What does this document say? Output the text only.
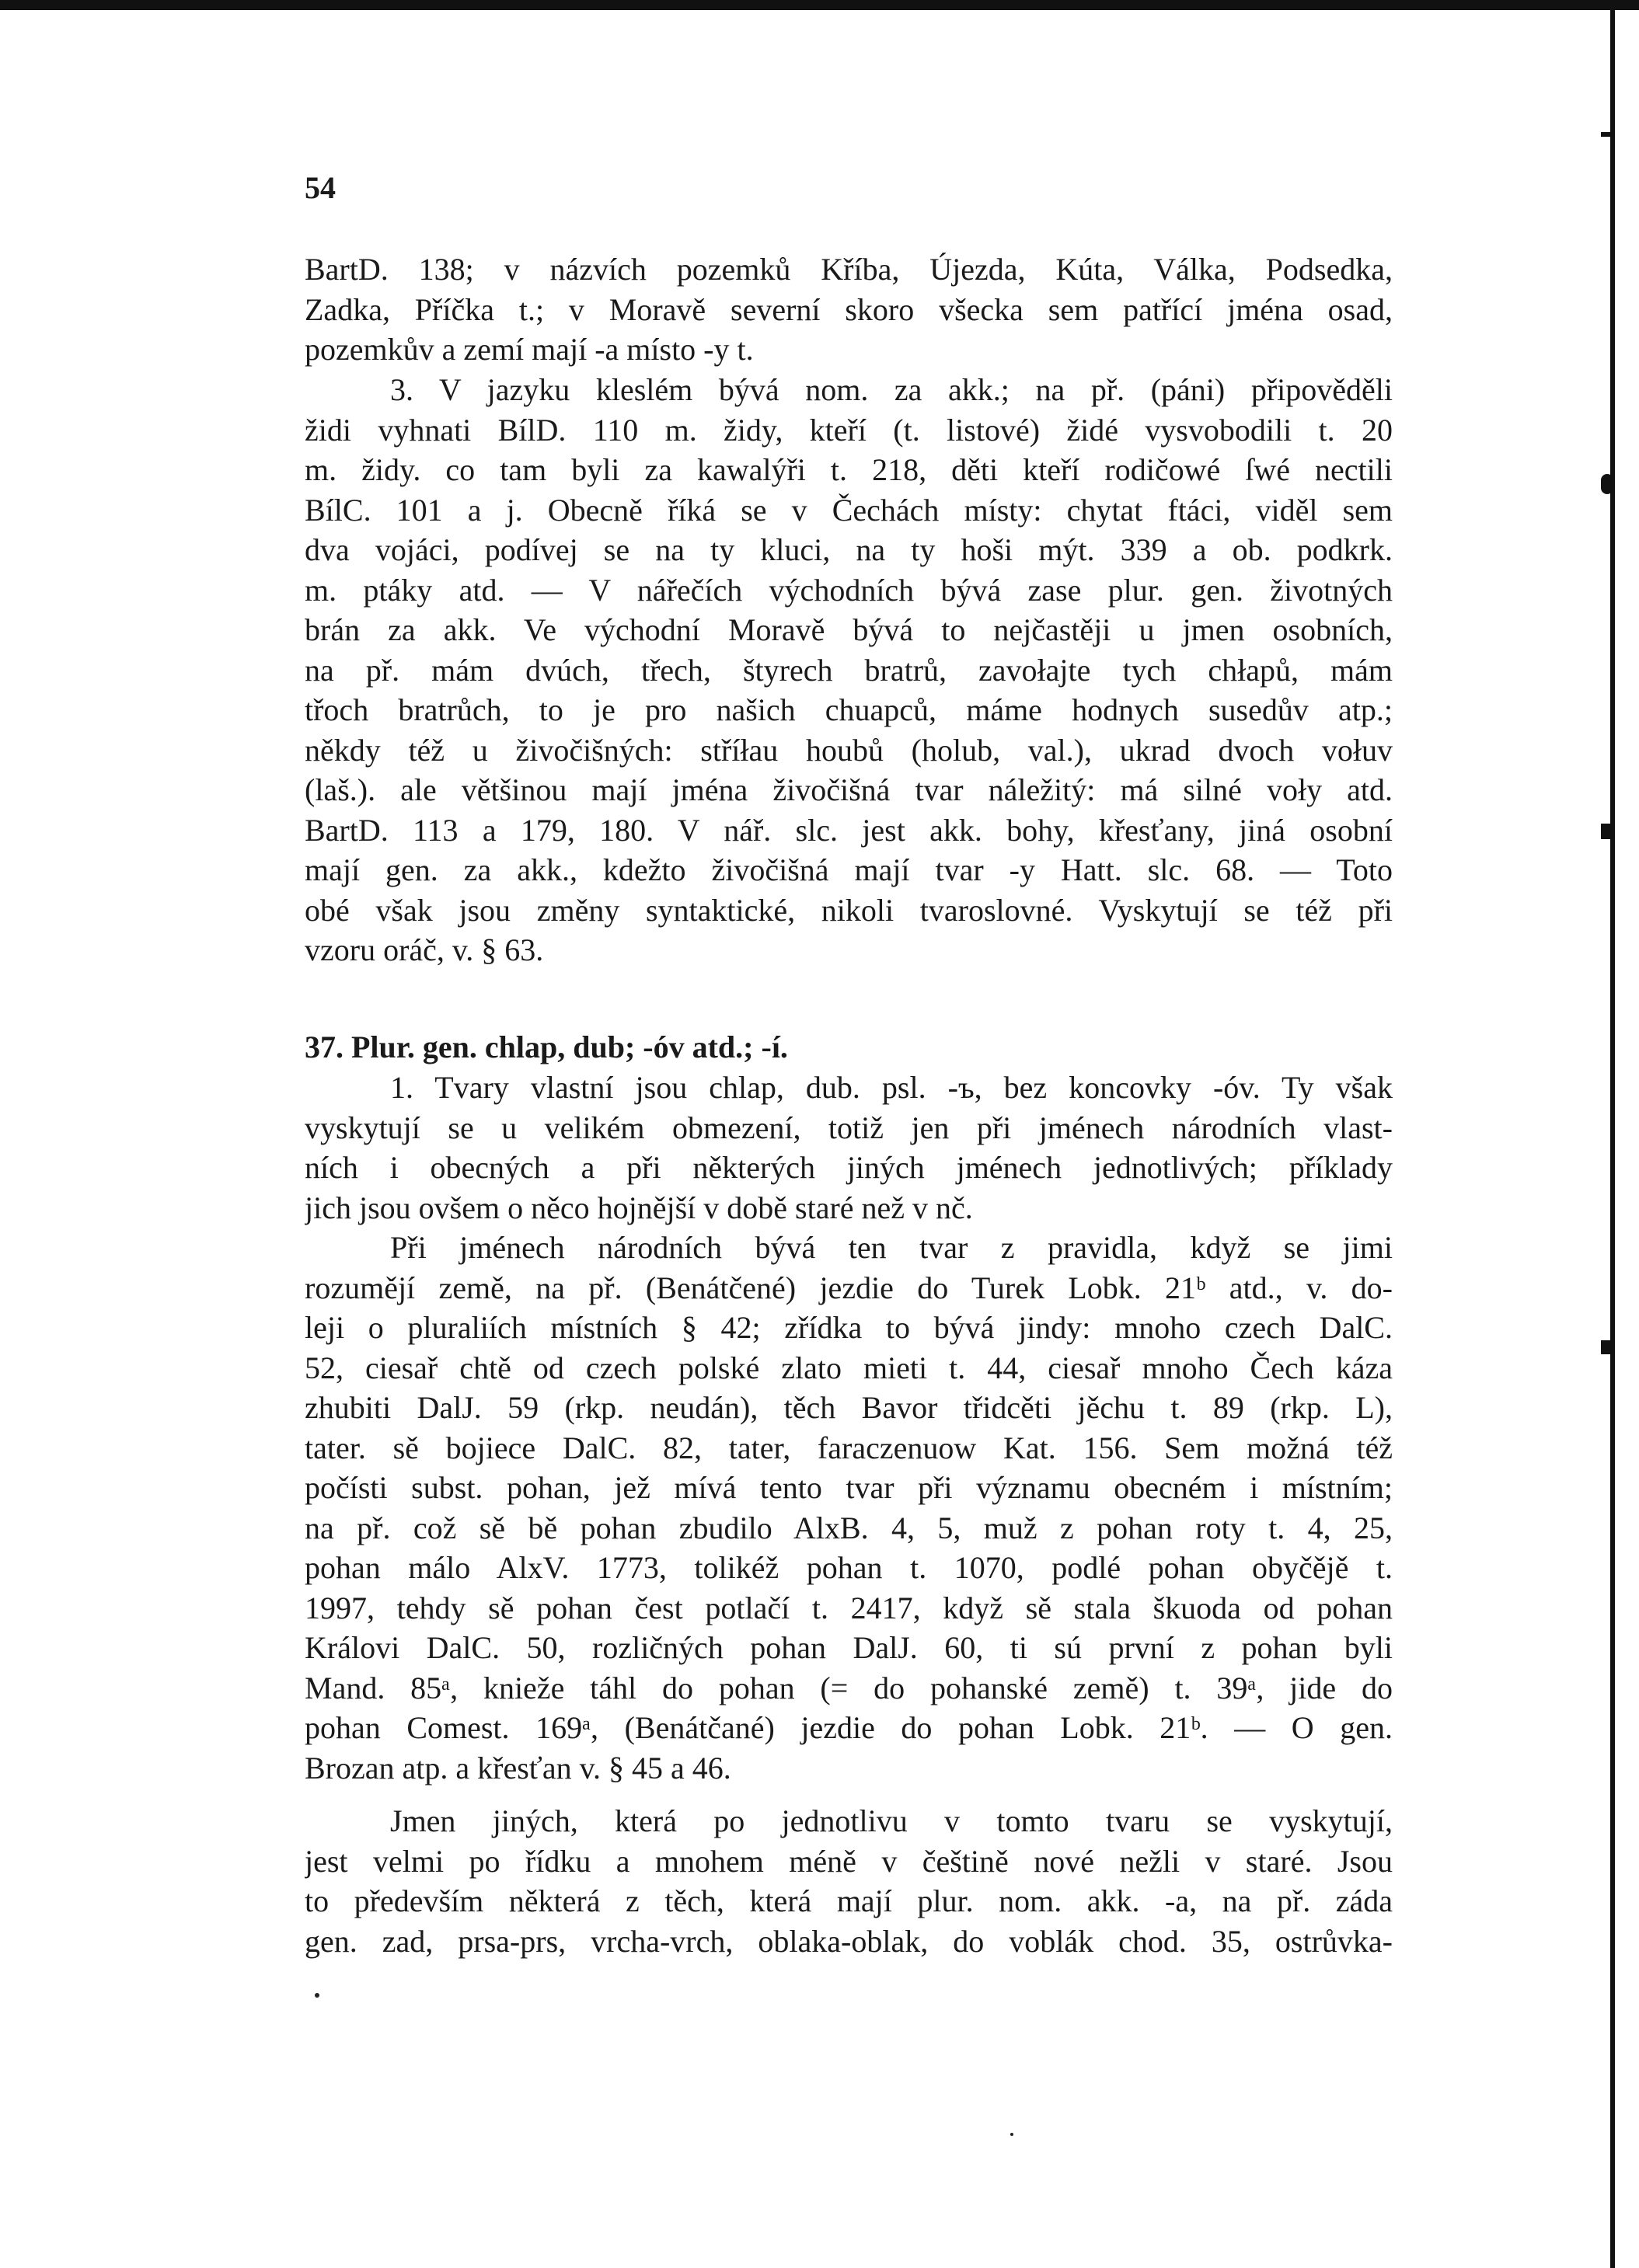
54
BartD. 138; v názvích pozemků Kříba, Újezda, Kúta, Válka, Podsedka,
Zadka, Příčka t.; v Moravě severní skoro všecka sem patřící jména osad,
pozemkův a zemí mají -a místo -y t.
3. V jazyku kleslém bývá nom. za akk.; na př. (páni) připověděli
židi vyhnati BílD. 110 m. židy, kteří (t. listové) židé vysvobodili t. 20
m. židy. co tam byli za kawalýři t. 218, děti kteří rodičowé ſwé nectili
BílC. 101 a j. Obecně říká se v Čechách místy: chytat ftáci, viděl sem
dva vojáci, podívej se na ty kluci, na ty hoši mýt. 339 a ob. podkrk.
m. ptáky atd. — V nářečích východních bývá zase plur. gen. životných
brán za akk. Ve východní Moravě bývá to nejčastěji u jmen osobních,
na př. mám dvúch, třech, štyrech bratrů, zavołajte tych chłapů, mám
třoch bratrůch, to je pro našich chuapců, máme hodnych susedův atp.;
někdy též u živočišných: stříłau houbů (holub, val.), ukrad dvoch vołuv
(laš.). ale většinou mají jména živočišná tvar náležitý: má silné voły atd.
BartD. 113 a 179, 180. V nář. slc. jest akk. bohy, křesťany, jiná osobní
mají gen. za akk., kdežto živočišná mají tvar -y Hatt. slc. 68. — Toto
obé však jsou změny syntaktické, nikoli tvaroslovné. Vyskytují se též při
vzoru oráč, v. § 63.
37. Plur. gen. chlap, dub; -óv atd.; -í.
1. Tvary vlastní jsou chlap, dub. psl. -ъ, bez koncovky -óv. Ty však
vyskytují se u velikém obmezení, totiž jen při jménech národních vlast-
ních i obecných a při některých jiných jménech jednotlivých; příklady
jich jsou ovšem o něco hojnější v době staré než v nč.
Při jménech národních bývá ten tvar z pravidla, když se jimi
rozumějí země, na př. (Benátčené) jezdie do Turek Lobk. 21ᵇ atd., v. do-
leji o pluraliích místních § 42; zřídka to bývá jindy: mnoho czech DalC.
52, ciesař chtě od czech polské zlato mieti t. 44, ciesař mnoho Čech káza
zhubiti DalJ. 59 (rkp. neudán), těch Bavor třidcěti jěchu t. 89 (rkp. L),
tater. sě bojiece DalC. 82, tater, faraczenuow Kat. 156. Sem možná též
počísti subst. pohan, jež mívá tento tvar při významu obecném i místním;
na př. což sě bě pohan zbudilo AlxB. 4, 5, muž z pohan roty t. 4, 25,
pohan málo AlxV. 1773, tolikéž pohan t. 1070, podlé pohan obyčějě t.
1997, tehdy sě pohan čest potlačí t. 2417, když sě stala škuoda od pohan
Královi DalC. 50, rozličných pohan DalJ. 60, ti sú první z pohan byli
Mand. 85ᵃ, knieže táhl do pohan (= do pohanské země) t. 39ᵃ, jide do
pohan Comest. 169ᵃ, (Benátčané) jezdie do pohan Lobk. 21ᵇ. — O gen.
Brozan atp. a křesťan v. § 45 a 46.
Jmen jiných, která po jednotlivu v tomto tvaru se vyskytují,
jest velmi po řídku a mnohem méně v češtině nové nežli v staré. Jsou
to především některá z těch, která mají plur. nom. akk. -a, na př. záda
gen. zad, prsa-prs, vrcha-vrch, oblaka-oblak, do voblák chod. 35, ostrůvka-
